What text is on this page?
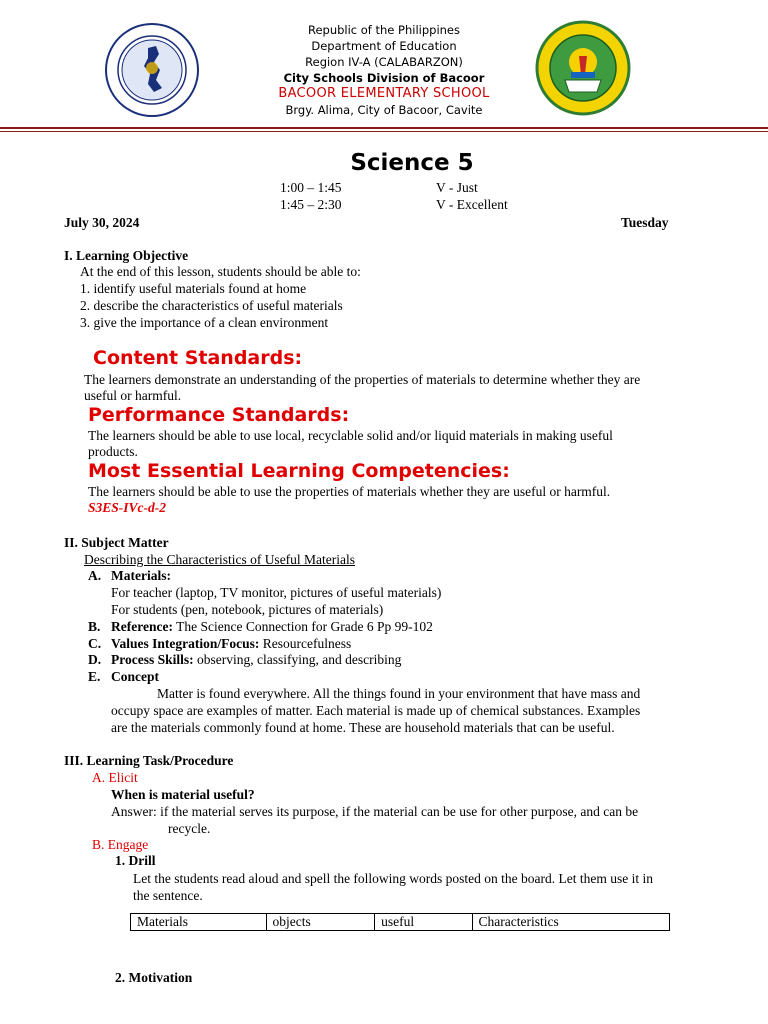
Republic of the Philippines
Department of Education
Region IV-A (CALABARZON)
City Schools Division of Bacoor
BACOOR ELEMENTARY SCHOOL
Brgy. Alima, City of Bacoor, Cavite
Science 5
1:00 – 1:45	V - Just
1:45 – 2:30	V - Excellent
July 30, 2024	Tuesday
I. Learning Objective
At the end of this lesson, students should be able to:
1. identify useful materials found at home
2. describe the characteristics of useful materials
3. give the importance of a clean environment
Content Standards:
The learners demonstrate an understanding of the properties of materials to determine whether they are
useful or harmful.
Performance Standards:
The learners should be able to use local, recyclable solid and/or liquid materials in making useful
products.
Most Essential Learning Competencies:
The learners should be able to use the properties of materials whether they are useful or harmful.
S3ES-IVc-d-2
II. Subject Matter
Describing the Characteristics of Useful Materials
A. Materials:
For teacher (laptop, TV monitor, pictures of useful materials)
For students (pen, notebook, pictures of materials)
B. Reference: The Science Connection for Grade 6 Pp 99-102
C. Values Integration/Focus: Resourcefulness
D. Process Skills: observing, classifying, and describing
E. Concept
Matter is found everywhere. All the things found in your environment that have mass and
occupy space are examples of matter. Each material is made up of chemical substances. Examples
are the materials commonly found at home. These are household materials that can be useful.
III. Learning Task/Procedure
A. Elicit
When is material useful?
Answer: if the material serves its purpose, if the material can be use for other purpose, and can be
recycle.
B. Engage
1. Drill
Let the students read aloud and spell the following words posted on the board. Let them use it in
the sentence.
Materials	objects	useful	Characteristics
2. Motivation
